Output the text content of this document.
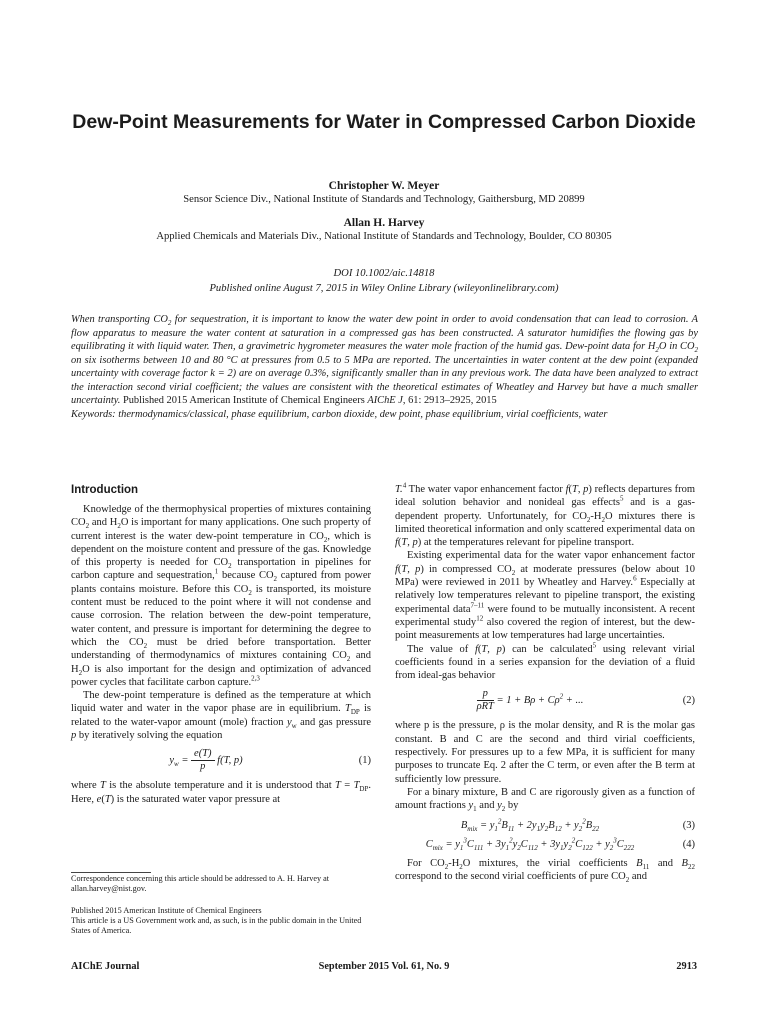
Dew-Point Measurements for Water in Compressed Carbon Dioxide
Christopher W. Meyer
Sensor Science Div., National Institute of Standards and Technology, Gaithersburg, MD 20899
Allan H. Harvey
Applied Chemicals and Materials Div., National Institute of Standards and Technology, Boulder, CO 80305
DOI 10.1002/aic.14818
Published online August 7, 2015 in Wiley Online Library (wileyonlinelibrary.com)
When transporting $CO_2$ for sequestration, it is important to know the water dew point in order to avoid condensation that can lead to corrosion. A flow apparatus to measure the water content at saturation in a compressed gas has been constructed. A saturator humidifies the flowing gas by equilibrating it with liquid water. Then, a gravimetric hygrometer measures the water mole fraction of the humid gas. Dew-point data for $H_2O$ in $CO_2$ on six isotherms between 10 and 80 °C at pressures from 0.5 to 5 MPa are reported. The uncertainties in water content at the dew point (expanded uncertainty with coverage factor k = 2) are on average 0.3%, significantly smaller than in any previous work. The data have been analyzed to extract the interaction second virial coefficient; the values are consistent with the theoretical estimates of Wheatley and Harvey but have a much smaller uncertainty. Published 2015 American Institute of Chemical Engineers AIChE J, 61: 2913–2925, 2015
Keywords: thermodynamics/classical, phase equilibrium, carbon dioxide, dew point, phase equilibrium, virial coefficients, water
Introduction

Knowledge of the thermophysical properties of mixtures containing $CO_2$ and $H_2O$ is important for many applications. One such property of current interest is the water dew-point temperature in $CO_2$, which is dependent on the moisture content and pressure of the gas. Knowledge of this property is needed for $CO_2$ transportation in pipelines for carbon capture and sequestration,$^1$ because $CO_2$ captured from power plants contains moisture. Before this $CO_2$ is transported, its moisture content must be reduced to the point where it will not condense and cause corrosion. The relation between the dew-point temperature, water content, and pressure is important for determining the degree to which the $CO_2$ must be dried before transportation. Better understanding of thermodynamics of mixtures containing $CO_2$ and $H_2O$ is also important for the design and optimization of advanced power cycles that facilitate carbon capture.$^{2,3}$

The dew-point temperature is defined as the temperature at which liquid water and water in the vapor phase are in equilibrium. $T_{DP}$ is related to the water-vapor amount (mole) fraction $y_w$ and gas pressure p by iteratively solving the equation

$y_w = \frac{e(T)}{p} f(T$, p)	(1)

where T is the absolute temperature and it is understood that $T = T_{DP}$. Here, e(T) is the saturated water vapor pressure at

T.$^4$ The water vapor enhancement factor f(T, p) reflects departures from ideal solution behavior and nonideal gas effects$^5$ and is a gas-dependent property. Unfortunately, for $CO_2-H_2O$ mixtures there is limited theoretical information and only scattered experimental data on f(T, p) at the temperatures relevant for pipeline transport.

Existing experimental data for the water vapor enhancement factor f(T, p) in compressed $CO_2$ at moderate pressures (below about 10 MPa) were reviewed in 2011 by Wheatley and Harvey.$^6$ Especially at relatively low temperatures relevant to pipeline transport, the existing experimental data$^{7-11}$ were found to be mutually inconsistent. A recent experimental study$^{12}$ also covered the region of interest, but the dew-point measurements at low temperatures had large uncertainties.

The value of f(T, p) can be calculated$^5$ using relevant virial coefficients found in a series expansion for the deviation of a fluid from ideal-gas behavior

$\frac{p}{\text{ρRT}} = 1 + B\rho + C\rho^2$ + ...	(2)

where p is the pressure, ρ is the molar density, and R is the molar gas constant. B and C are the second and third virial coefficients, respectively. For pressures up to a few MPa, it is sufficient for many purposes to truncate Eq. 2 after the C term, or even after the B term at sufficiently low pressure.

For a binary mixture, B and C are rigorously given as a function of amount fractions $y_1$ and $y_2$ by

$B_{mix} = y_1^2B_{11} + 2y_1y_2B_{12} + y_2^2B_{22}$	(3)
$C_{mix} = y_1^3C_{111} + 3y_1^2y_2C_{112} + 3y_1y_2^2C_{122} + y_2^3C_{222}$	(4)

For $CO_2-H_2O$ mixtures, the virial coefficients $B_{11}$ and $B_{22}$ correspond to the second virial coefficients of pure $CO_2$ and

Correspondence concerning this article should be addressed to A. H. Harvey at allan.harvey@nist.gov.
Published 2015 American Institute of Chemical Engineers
This article is a US Government work and, as such, is in the public domain in the United States of America.
AIChE Journal	September 2015 Vol. 61, No. 9	2913
